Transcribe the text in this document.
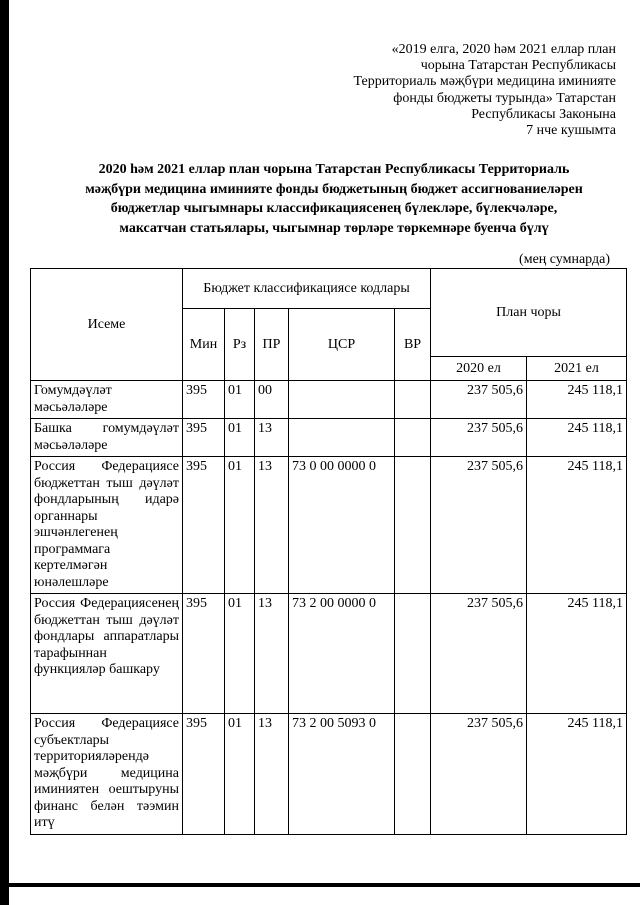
«2019 елга, 2020 һәм 2021 еллар план
чорына Татарстан Республикасы
Территориаль мәҗбүри медицина иминияте
фонды бюджеты турында» Татарстан
Республикасы Законына
7 нче кушымта
2020 һәм 2021 еллар план чорына Татарстан Республикасы Территориаль
мәҗбүри медицина иминияте фонды бюджетының бюджет ассигнованиеләрен
бюджетлар чыгымнары классификациясенең бүлекләре, бүлекчәләре,
максатчан статьялары, чыгымнар төрләре төркемнәре буенча бүлү
(мең сумнарда)
Исеме	Бюджет классификациясе кодлары					План чоры	
	Мин	Рз	ПР	ЦСР	ВР		
						2020 ел	2021 ел
Гомумдәүләт мәсьәләләре	395	01	00			237 505,6	245 118,1
Башка гомумдәүләт мәсьәләләре	395	01	13			237 505,6	245 118,1
Россия Федерациясе бюджеттан тыш дәүләт фондларының идарә органнары эшчәнлегенең программага кертелмәгән юнәлешләре	395	01	13	73 0 00 0000 0		237 505,6	245 118,1
Россия Федерациясенең бюджеттан тыш дәүләт фондлары аппаратлары тарафыннан функцияләр башкару	395	01	13	73 2 00 0000 0		237 505,6	245 118,1
Россия Федерациясе субъектлары территорияләрендә мәҗбүри медицина иминиятен оештыруны финанс белән тәэмин итү	395	01	13	73 2 00 5093 0		237 505,6	245 118,1
